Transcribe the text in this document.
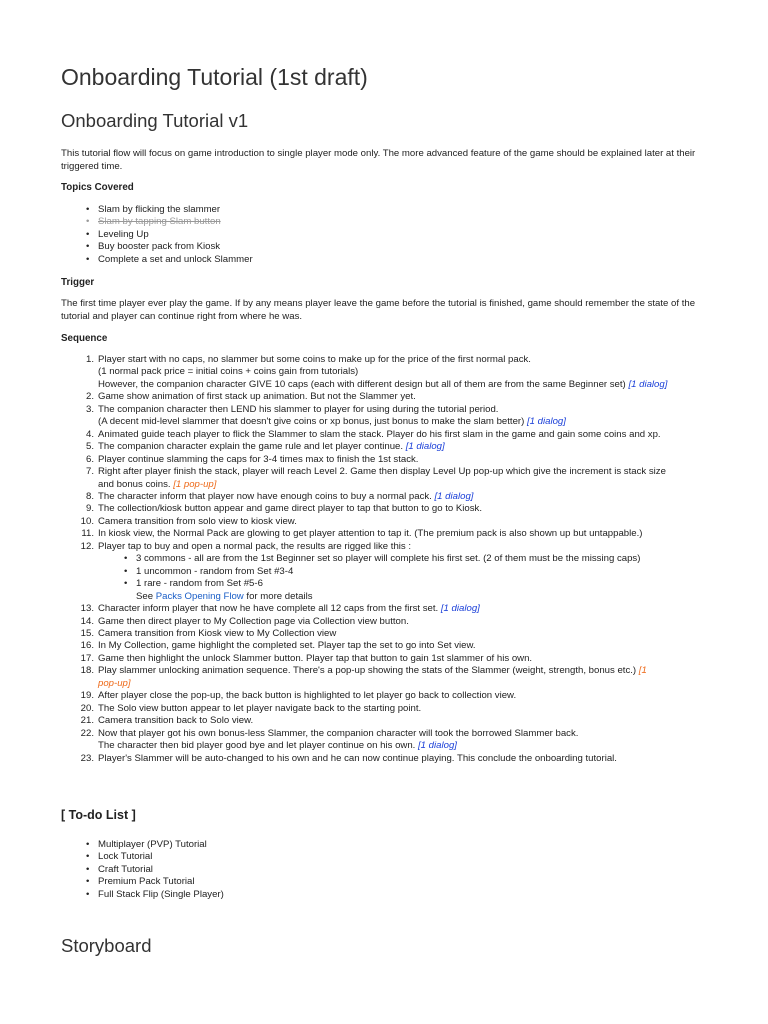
Onboarding Tutorial (1st draft)
Onboarding Tutorial v1

This tutorial flow will focus on game introduction to single player mode only. The more advanced feature of the game should be explained later at their triggered time.

Topics Covered

• Slam by flicking the slammer
• Slam by tapping Slam button
• Leveling Up
• Buy booster pack from Kiosk
• Complete a set and unlock Slammer

Trigger

The first time player ever play the game. If by any means player leave the game before the tutorial is finished, game should remember the state of the tutorial and player can continue right from where he was.

Sequence

1. Player start with no caps, no slammer but some coins to make up for the price of the first normal pack.
(1 normal pack price = initial coins + coins gain from tutorials)
However, the companion character GIVE 10 caps (each with different design but all of them are from the same Beginner set) [1 dialog]
2. Game show animation of first stack up animation. But not the Slammer yet.
3. The companion character then LEND his slammer to player for using during the tutorial period.
(A decent mid-level slammer that doesn't give coins or xp bonus, just bonus to make the slam better) [1 dialog]
4. Animated guide teach player to flick the Slammer to slam the stack. Player do his first slam in the game and gain some coins and xp.
5. The companion character explain the game rule and let player continue. [1 dialog]
6. Player continue slamming the caps for 3-4 times max to finish the 1st stack.
7. Right after player finish the stack, player will reach Level 2. Game then display Level Up pop-up which give the increment is stack size
and bonus coins. [1 pop-up]
8. The character inform that player now have enough coins to buy a normal pack. [1 dialog]
9. The collection/kiosk button appear and game direct player to tap that button to go to Kiosk.
10. Camera transition from solo view to kiosk view.
11. In kiosk view, the Normal Pack are glowing to get player attention to tap it. (The premium pack is also shown up but untappable.)
12. Player tap to buy and open a normal pack, the results are rigged like this :
• 3 commons - all are from the 1st Beginner set so player will complete his first set. (2 of them must be the missing caps)
• 1 uncommon - random from Set #3-4
• 1 rare - random from Set #5-6
See Packs Opening Flow for more details
13. Character inform player that now he have complete all 12 caps from the first set. [1 dialog]
14. Game then direct player to My Collection page via Collection view button.
15. Camera transition from Kiosk view to My Collection view
16. In My Collection, game highlight the completed set. Player tap the set to go into Set view.
17. Game then highlight the unlock Slammer button. Player tap that button to gain 1st slammer of his own.
18. Play slammer unlocking animation sequence. There's a pop-up showing the stats of the Slammer (weight, strength, bonus etc.) [1
pop-up]
19. After player close the pop-up, the back button is highlighted to let player go back to collection view.
20. The Solo view button appear to let player navigate back to the starting point.
21. Camera transition back to Solo view.
22. Now that player got his own bonus-less Slammer, the companion character will took the borrowed Slammer back.
The character then bid player good bye and let player continue on his own. [1 dialog]
23. Player's Slammer will be auto-changed to his own and he can now continue playing. This conclude the onboarding tutorial.

[ To-do List ]

• Multiplayer (PVP) Tutorial
• Lock Tutorial
• Craft Tutorial
• Premium Pack Tutorial
• Full Stack Flip (Single Player)
Storyboard
